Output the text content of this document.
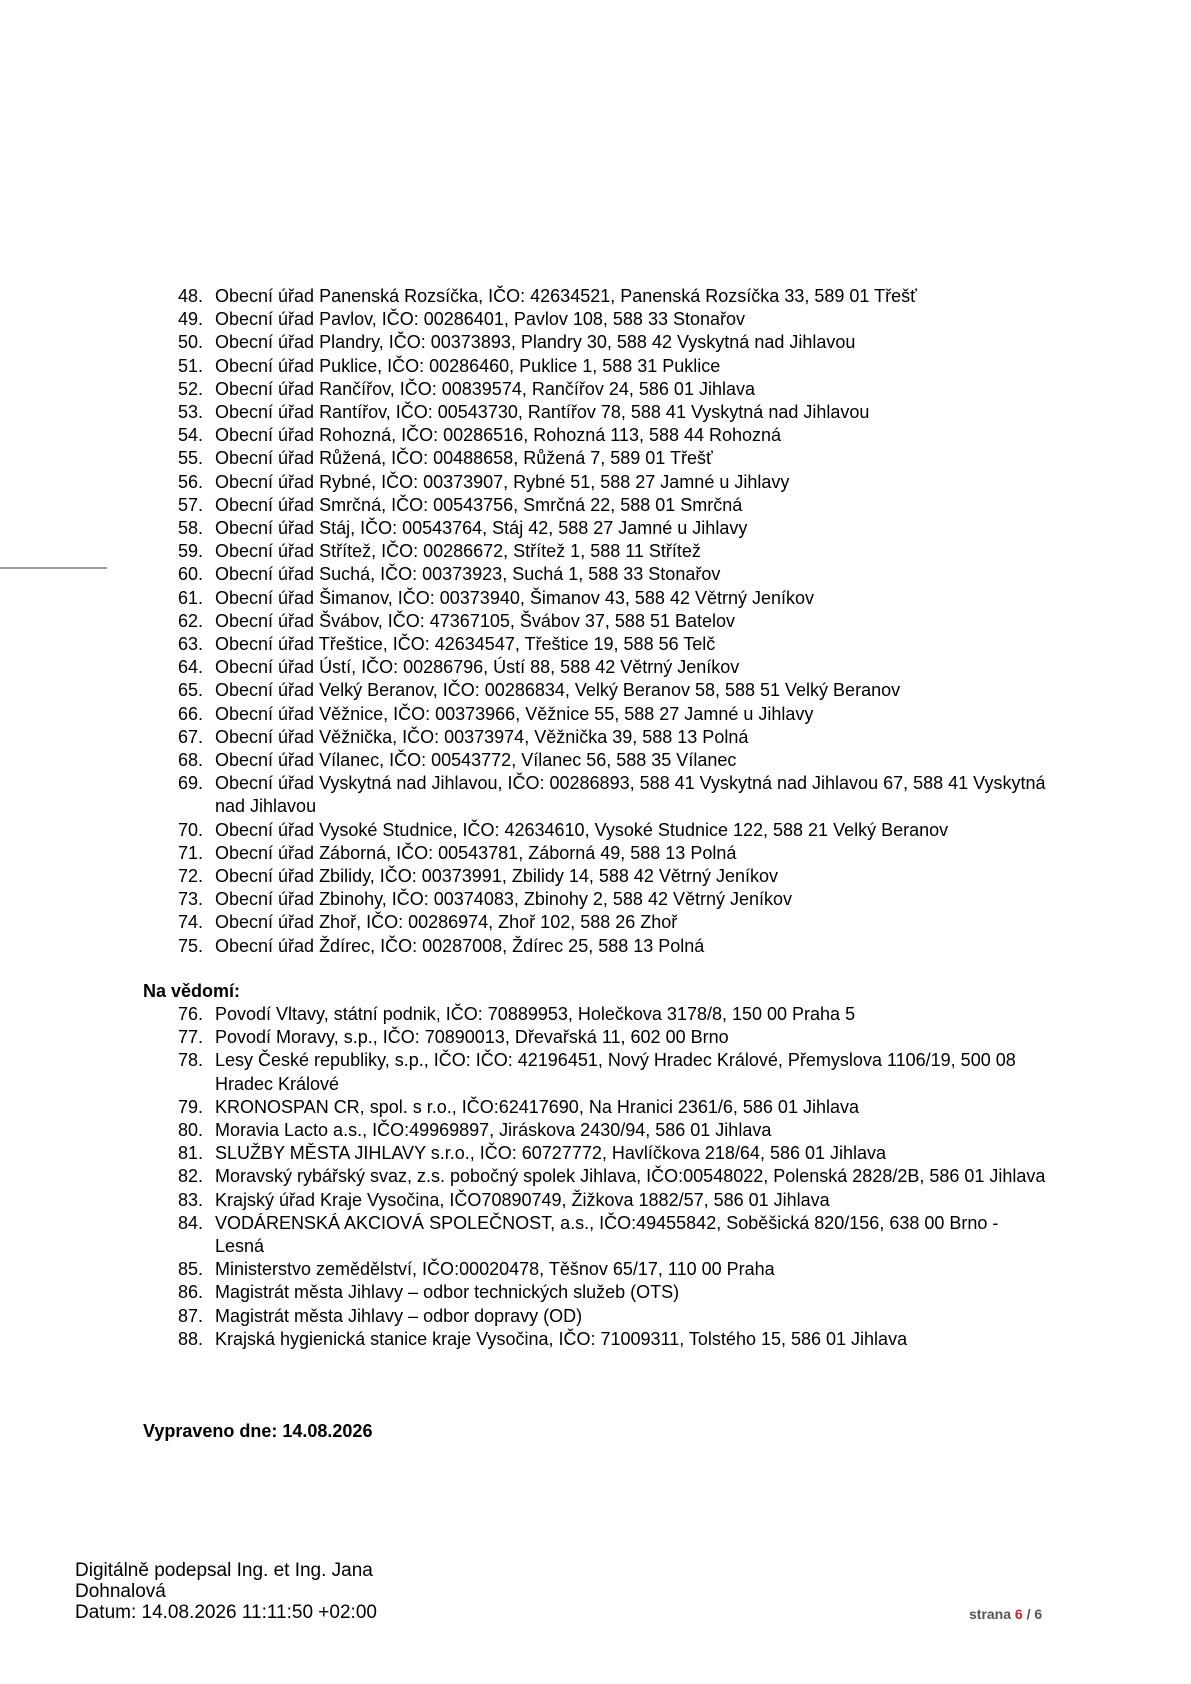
48. Obecní úřad Panenská Rozsíčka, IČO: 42634521, Panenská Rozsíčka 33, 589 01 Třešť
49. Obecní úřad Pavlov, IČO: 00286401, Pavlov 108, 588 33 Stonařov
50. Obecní úřad Plandry, IČO: 00373893, Plandry 30, 588 42 Vyskytná nad Jihlavou
51. Obecní úřad Puklice, IČO: 00286460, Puklice 1, 588 31 Puklice
52. Obecní úřad Rančířov, IČO: 00839574, Rančířov 24, 586 01 Jihlava
53. Obecní úřad Rantířov, IČO: 00543730, Rantířov 78, 588 41 Vyskytná nad Jihlavou
54. Obecní úřad Rohozná, IČO: 00286516, Rohozná 113, 588 44 Rohozná
55. Obecní úřad Růžená, IČO: 00488658, Růžená 7, 589 01 Třešť
56. Obecní úřad Rybné, IČO: 00373907, Rybné 51, 588 27 Jamné u Jihlavy
57. Obecní úřad Smrčná, IČO: 00543756, Smrčná 22, 588 01 Smrčná
58. Obecní úřad Stáj, IČO: 00543764, Stáj 42, 588 27 Jamné u Jihlavy
59. Obecní úřad Střítež, IČO: 00286672, Střítež 1, 588 11 Střítež
60. Obecní úřad Suchá, IČO: 00373923, Suchá 1, 588 33 Stonařov
61. Obecní úřad Šimanov, IČO: 00373940, Šimanov 43, 588 42 Větrný Jeníkov
62. Obecní úřad Švábov, IČO: 47367105, Švábov 37, 588 51 Batelov
63. Obecní úřad Třeštice, IČO: 42634547, Třeštice 19, 588 56 Telč
64. Obecní úřad Ústí, IČO: 00286796, Ústí 88, 588 42 Větrný Jeníkov
65. Obecní úřad Velký Beranov, IČO: 00286834, Velký Beranov 58, 588 51 Velký Beranov
66. Obecní úřad Věžnice, IČO: 00373966, Věžnice 55, 588 27 Jamné u Jihlavy
67. Obecní úřad Věžnička, IČO: 00373974, Věžnička 39, 588 13 Polná
68. Obecní úřad Vílanec, IČO: 00543772, Vílanec 56, 588 35 Vílanec
69. Obecní úřad Vyskytná nad Jihlavou, IČO: 00286893, 588 41 Vyskytná nad Jihlavou 67, 588 41 Vyskytná nad Jihlavou
70. Obecní úřad Vysoké Studnice, IČO: 42634610, Vysoké Studnice 122, 588 21 Velký Beranov
71. Obecní úřad Záborná, IČO: 00543781, Záborná 49, 588 13 Polná
72. Obecní úřad Zbilidy, IČO: 00373991, Zbilidy 14, 588 42 Větrný Jeníkov
73. Obecní úřad Zbinohy, IČO: 00374083, Zbinohy 2, 588 42 Větrný Jeníkov
74. Obecní úřad Zhoř, IČO: 00286974, Zhoř 102, 588 26 Zhoř
75. Obecní úřad Ždírec, IČO: 00287008, Ždírec 25, 588 13 Polná
Na vědomí:
76. Povodí Vltavy, státní podnik, IČO: 70889953, Holečkova 3178/8, 150 00 Praha 5
77. Povodí Moravy, s.p., IČO: 70890013, Dřevařská 11, 602 00 Brno
78. Lesy České republiky, s.p., IČO: IČO: 42196451, Nový Hradec Králové, Přemyslova 1106/19, 500 08 Hradec Králové
79. KRONOSPAN CR, spol. s r.o., IČO:62417690, Na Hranici 2361/6, 586 01 Jihlava
80. Moravia Lacto a.s., IČO:49969897, Jiráskova 2430/94, 586 01 Jihlava
81. SLUŽBY MĚSTA JIHLAVY s.r.o., IČO: 60727772, Havlíčkova 218/64, 586 01 Jihlava
82. Moravský rybářský svaz, z.s. pobočný spolek Jihlava, IČO:00548022, Polenská 2828/2B, 586 01 Jihlava
83. Krajský úřad Kraje Vysočina, IČO70890749, Žižkova 1882/57, 586 01 Jihlava
84. VODÁRENSKÁ AKCIOVÁ SPOLEČNOST, a.s., IČO:49455842, Soběšická 820/156, 638 00 Brno - Lesná
85. Ministerstvo zemědělství, IČO:00020478, Těšnov 65/17, 110 00 Praha
86. Magistrát města Jihlavy – odbor technických služeb (OTS)
87. Magistrát města Jihlavy – odbor dopravy (OD)
88. Krajská hygienická stanice kraje Vysočina, IČO: 71009311, Tolstého 15, 586 01 Jihlava
Vypraveno dne: 14.08.2026
Digitálně podepsal Ing. et Ing. Jana Dohnalová
Datum: 14.08.2026 11:11:50 +02:00	strana 6 / 6
